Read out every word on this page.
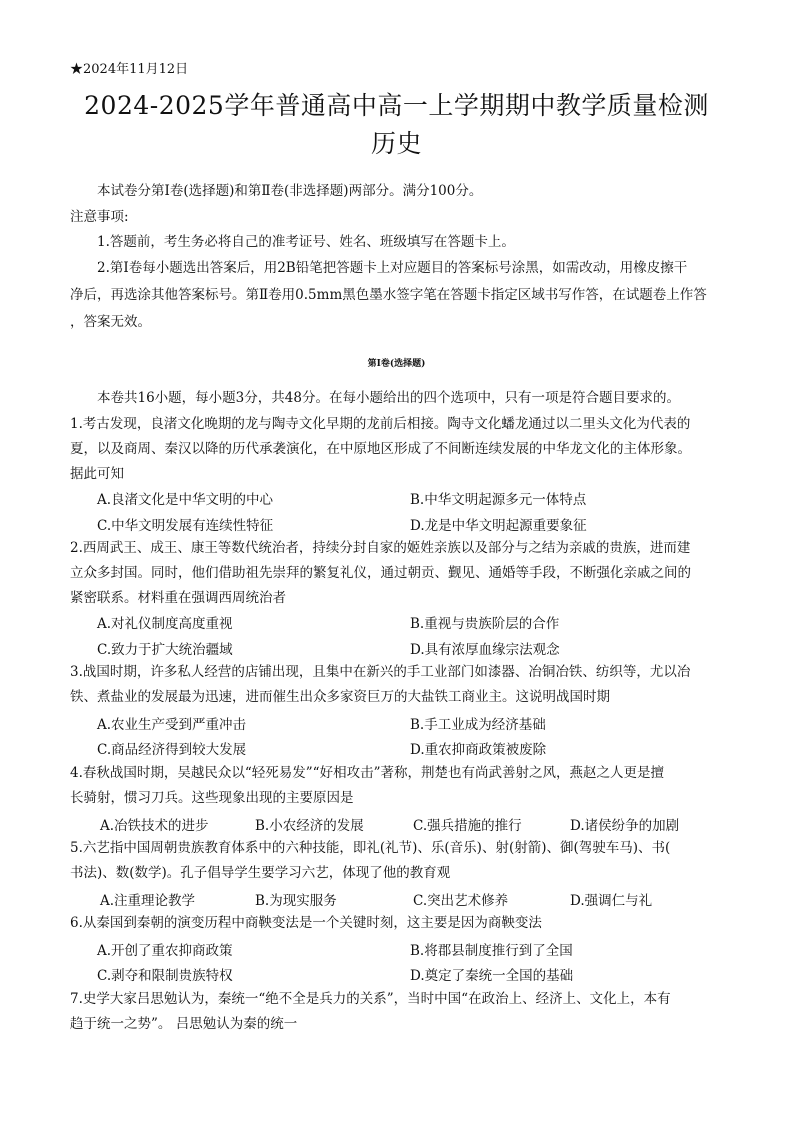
★2024年11月12日
2024-2025学年普通高中高一上学期期中教学质量检测
历史
本试卷分第Ⅰ卷(选择题)和第Ⅱ卷(非选择题)两部分。满分100分。
注意事项:
1.答题前，考生务必将自己的准考证号、姓名、班级填写在答题卡上。
2.第Ⅰ卷每小题选出答案后，用2B铅笔把答题卡上对应题目的答案标号涂黑，如需改动，用橡皮擦干
净后，再选涂其他答案标号。第Ⅱ卷用0.5mm黑色墨水签字笔在答题卡指定区域书写作答，在试题卷上作答
，答案无效。
第Ⅰ卷(选择题)
本卷共16小题，每小题3分，共48分。在每小题给出的四个选项中，只有一项是符合题目要求的。
1.考古发现，良渚文化晚期的龙与陶寺文化早期的龙前后相接。陶寺文化蟠龙通过以二里头文化为代表的
夏，以及商周、秦汉以降的历代承袭演化，在中原地区形成了不间断连续发展的中华龙文化的主体形象。
据此可知
A.良渚文化是中华文明的中心	B.中华文明起源多元一体特点
C.中华文明发展有连续性特征	D.龙是中华文明起源重要象征
2.西周武王、成王、康王等数代统治者，持续分封自家的姬姓亲族以及部分与之结为亲戚的贵族，进而建
立众多封国。同时，他们借助祖先崇拜的繁复礼仪，通过朝贡、觐见、通婚等手段，不断强化亲戚之间的
紧密联系。材料重在强调西周统治者
A.对礼仪制度高度重视	B.重视与贵族阶层的合作
C.致力于扩大统治疆域	D.具有浓厚血缘宗法观念
3.战国时期，许多私人经营的店铺出现，且集中在新兴的手工业部门如漆器、冶铜冶铁、纺织等，尤以冶
铁、煮盐业的发展最为迅速，进而催生出众多家资巨万的大盐铁工商业主。这说明战国时期
A.农业生产受到严重冲击	B.手工业成为经济基础
C.商品经济得到较大发展	D.重农抑商政策被废除
4.春秋战国时期，吴越民众以“轻死易发”“好相攻击”著称，荆楚也有尚武善射之风，燕赵之人更是擅
长骑射，惯习刀兵。这些现象出现的主要原因是
A.冶铁技术的进步	B.小农经济的发展	C.强兵措施的推行	D.诸侯纷争的加剧
5.六艺指中国周朝贵族教育体系中的六种技能，即礼(礼节)、乐(音乐)、射(射箭)、御(驾驶车马)、书(
书法)、数(数学)。孔子倡导学生要学习六艺，体现了他的教育观
A.注重理论教学	B.为现实服务	C.突出艺术修养	D.强调仁与礼
6.从秦国到秦朝的演变历程中商鞅变法是一个关键时刻，这主要是因为商鞅变法
A.开创了重农抑商政策	B.将郡县制度推行到了全国
C.剥夺和限制贵族特权	D.奠定了秦统一全国的基础
7.史学大家吕思勉认为，秦统一“绝不全是兵力的关系”，当时中国“在政治上、经济上、文化上，本有
趋于统一之势”。 吕思勉认为秦的统一
